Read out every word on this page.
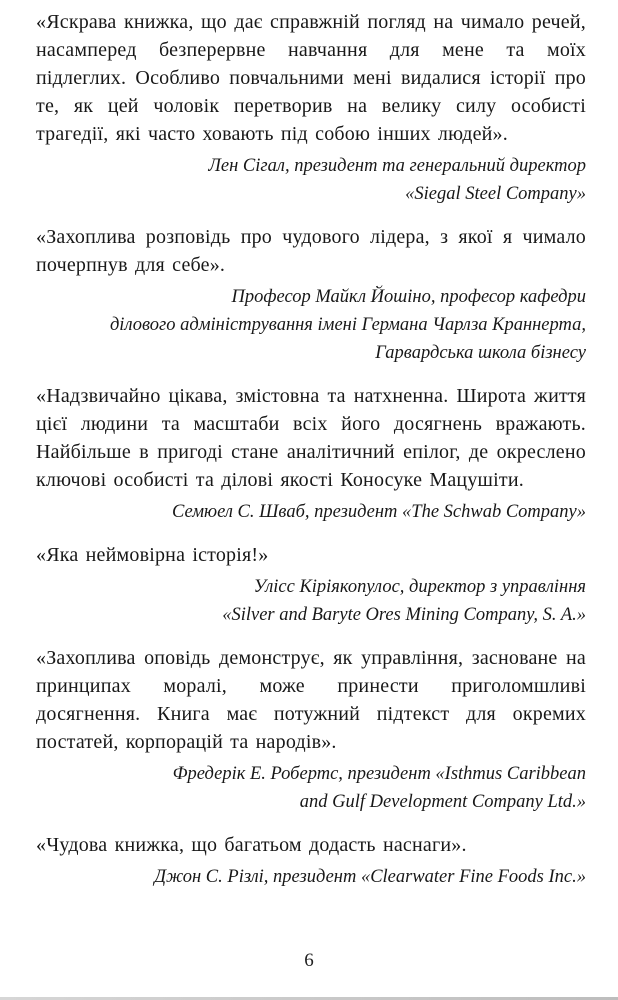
«Яскрава книжка, що дає справжній погляд на чимало речей, насамперед безперервне навчання для мене та моїх підлеглих. Особливо повчальними мені видалися історії про те, як цей чоловік перетворив на велику силу особисті трагедії, які часто ховають під собою інших людей».

Лен Сігал, президент та генеральний директор
«Siegal Steel Company»

«Захоплива розповідь про чудового лідера, з якої я чимало почерпнув для себе».

Професор Майкл Йошіно, професор кафедри
ділового адміністрування імені Германа Чарлза Краннерта,
Гарвардська школа бізнесу

«Надзвичайно цікава, змістовна та натхненна. Широта життя цієї людини та масштаби всіх його досягнень вражають. Найбільше в пригоді стане аналітичний епілог, де окреслено ключові особисті та ділові якості Коносуке Мацушіти.

Семюел С. Шваб, президент «The Schwab Company»

«Яка неймовірна історія!»

Улісс Кіріякопулос, директор з управління
«Silver and Baryte Ores Mining Company, S. A.»

«Захоплива оповідь демонструє, як управління, засноване на принципах моралі, може принести приголомшливі досягнення. Книга має потужний підтекст для окремих постатей, корпорацій та народів».

Фредерік Е. Робертс, президент «Isthmus Caribbean
and Gulf Development Company Ltd.»

«Чудова книжка, що багатьом додасть наснаги».

Джон С. Різлі, президент «Clearwater Fine Foods Inc.»
6
